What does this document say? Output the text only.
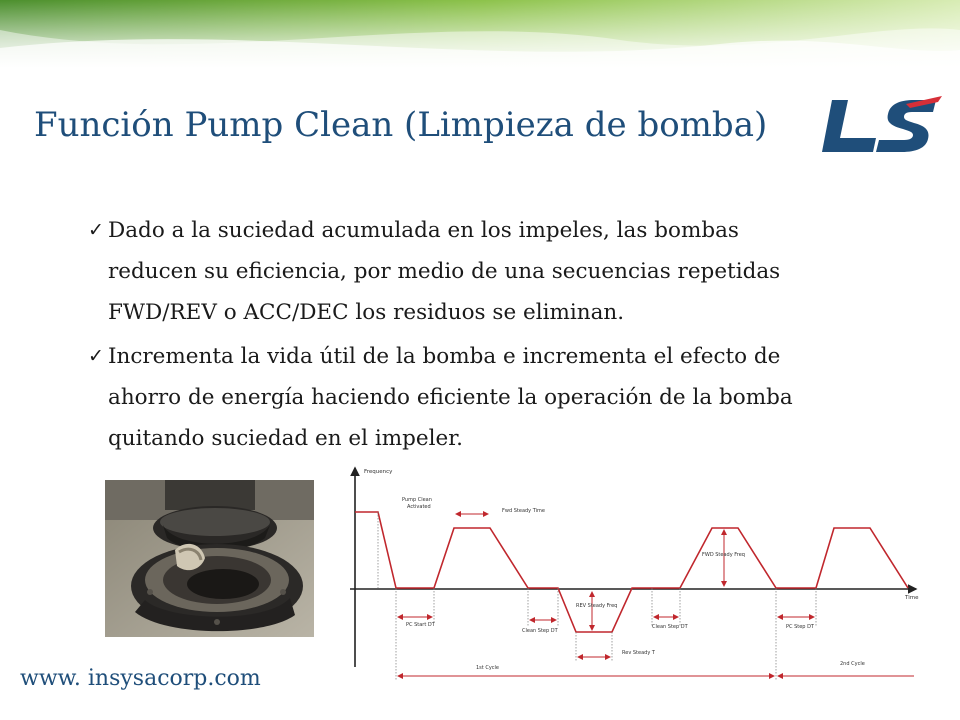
Función Pump Clean (Limpieza de bomba)
✓ Dado a la suciedad acumulada en los impeles, las bombas reducen su eficiencia, por medio de una secuencias repetidas FWD/REV o ACC/DEC los residuos se eliminan.
✓ Incrementa la vida útil de la bomba e incrementa el efecto de ahorro de energía haciendo eficiente la operación de la bomba quitando suciedad en el impeler.
www. insysacorp.com
Frequency
Time
Pump Clean
Activated
Fwd Steady Time
FWD Steady Freq
REV Steady Freq
PC Start DT
Clean Step DT
Clean Step DT	PC Step DT
Rev Steady T
1st Cycle
2nd Cycle
